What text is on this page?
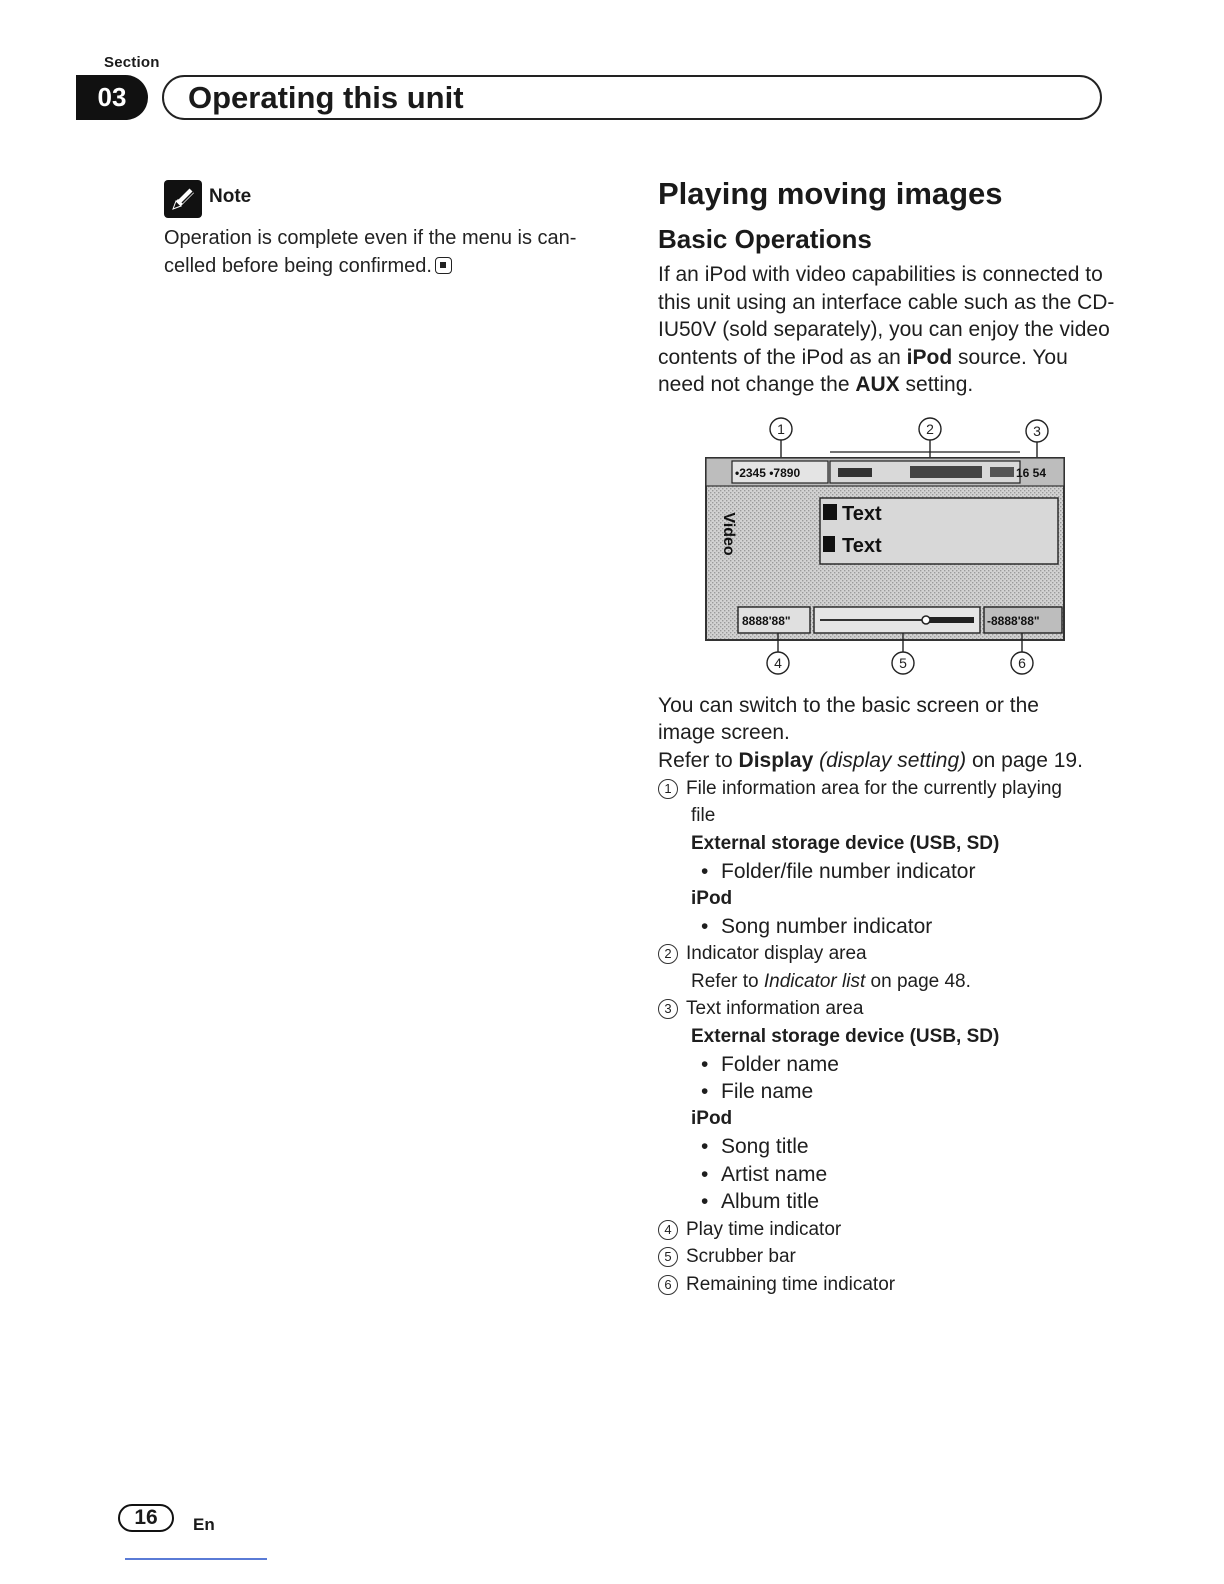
Section
03	Operating this unit
Note
Operation is complete even if the menu is can-celled before being confirmed.
Playing moving images
Basic Operations
If an iPod with video capabilities is connected to this unit using an interface cable such as the CD-IU50V (sold separately), you can enjoy the video contents of the iPod as an iPod source. You need not change the AUX setting.
1	2	3
•2345 •7890	16 54
Video	Text
Text
8888'88"	-8888'88"
4	5	6
You can switch to the basic screen or the
image screen.
Refer to Display (display setting) on page 19.
1 File information area for the currently playing
file
External storage device (USB, SD)
• Folder/file number indicator
iPod
• Song number indicator
2 Indicator display area
Refer to Indicator list on page 48.
3 Text information area
External storage device (USB, SD)
• Folder name
• File name
iPod
• Song title
• Artist name
• Album title
4 Play time indicator
5 Scrubber bar
6 Remaining time indicator
16	En
